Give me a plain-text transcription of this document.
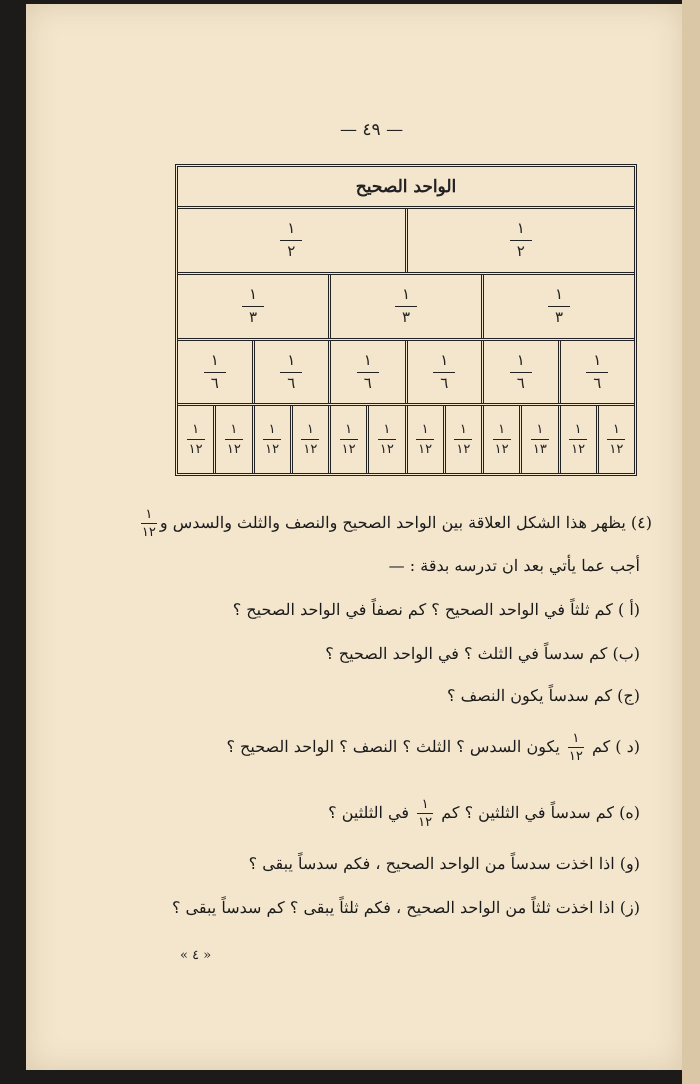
— ٤٩ —
الواحد الصحيح
$\frac{١}{٢}$
$\frac{١}{٢}$
$\frac{١}{٣}$
$\frac{١}{٣}$
$\frac{١}{٣}$
$\frac{١}{٦}$
$\frac{١}{٦}$
$\frac{١}{٦}$
$\frac{١}{٦}$
$\frac{١}{٦}$
$\frac{١}{٦}$
$\frac{١}{١٢}$
$\frac{١}{١٢}$
$\frac{١}{١٣}$
$\frac{١}{١٢}$
$\frac{١}{١٢}$
$\frac{١}{١٢}$
$\frac{١}{١٢}$
$\frac{١}{١٢}$
$\frac{١}{١٢}$
$\frac{١}{١٢}$
$\frac{١}{١٢}$
$\frac{١}{١٢}$
(٤) يظهر هذا الشكل العلاقة بين الواحد الصحيح والنصف والثلث والسدس و
١
١٢
أجب عما يأتي بعد ان تدرسه بدقة : —
(أ ) كم ثلثاً في الواحد الصحيح ؟ كم نصفاً في الواحد الصحيح ؟
(ب) كم سدساً في الثلث ؟ في الواحد الصحيح ؟
(ج) كم سدساً يكون النصف ؟
(د ) كم
١
١٢
يكون السدس ؟ الثلث ؟ النصف ؟ الواحد الصحيح ؟
(ه) كم سدساً في الثلثين ؟ كم
١
١٢
في الثلثين ؟
(و) اذا اخذت سدساً من الواحد الصحيح ، فكم سدساً يبقى ؟
(ز) اذا اخذت ثلثاً من الواحد الصحيح ، فكم ثلثاً يبقى ؟ كم سدساً يبقى ؟
« ٤ »
